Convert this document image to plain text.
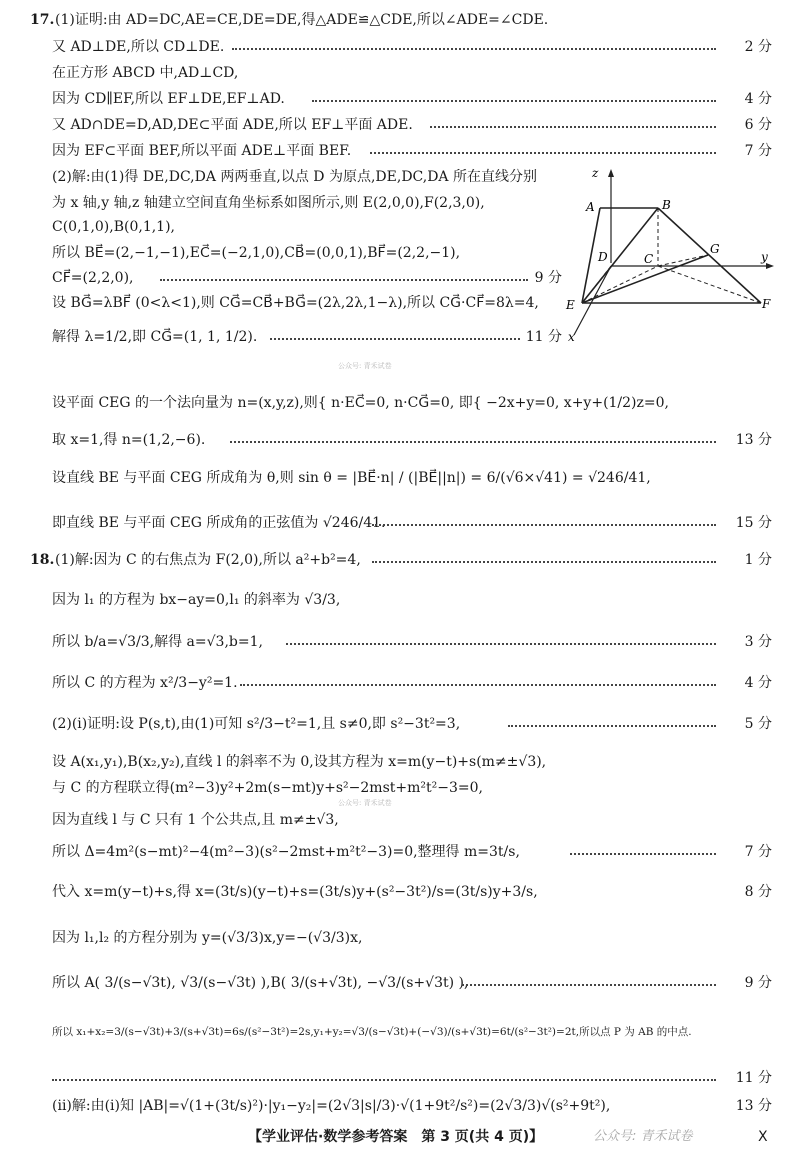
17. (1)证明:由 AD=DC,AE=CE,DE=DE,得△ADE≌△CDE,所以∠ADE=∠CDE.
又 AD⊥DE,所以 CD⊥DE.	2 分
在正方形 ABCD 中,AD⊥CD,
因为 CD∥EF,所以 EF⊥DE,EF⊥AD.	4 分
又 AD∩DE=D,AD,DE⊂平面 ADE,所以 EF⊥平面 ADE.	6 分
因为 EF⊂平面 BEF,所以平面 ADE⊥平面 BEF.	7 分
(2)解:由(1)得 DE,DC,DA 两两垂直,以点 D 为原点,DE,DC,DA 所在直线分别
为 x 轴,y 轴,z 轴建立空间直角坐标系如图所示,则 E(2,0,0),F(2,3,0),
C(0,1,0),B(0,1,1),
所以 BE⃗=(2,−1,−1),EC⃗=(−2,1,0),CB⃗=(0,0,1),BF⃗=(2,2,−1),
CF⃗=(2,2,0),	9 分
设 BG⃗=λBF⃗ (0<λ<1),则 CG⃗=CB⃗+BG⃗=(2λ,2λ,1−λ),所以 CG⃗·CF⃗=8λ=4,
解得 λ=1/2,即 CG⃗=(1, 1, 1/2).	11 分
公众号: 青禾试卷
设平面 CEG 的一个法向量为 n=(x,y,z),则{ n·EC⃗=0, n·CG⃗=0, 即{ −2x+y=0, x+y+(1/2)z=0,
取 x=1,得 n=(1,2,−6).	13 分
设直线 BE 与平面 CEG 所成角为 θ,则 sin θ = |BE⃗·n| / (|BE⃗||n|) = 6/(√6×√41) = √246/41,
即直线 BE 与平面 CEG 所成角的正弦值为 √246/41.	15 分
z
A	B
D	C
G
y
E	F
x
18. (1)解:因为 C 的右焦点为 F(2,0),所以 a²+b²=4,	1 分
因为 l₁ 的方程为 bx−ay=0,l₁ 的斜率为 √3/3,
所以 b/a=√3/3,解得 a=√3,b=1,	3 分
所以 C 的方程为 x²/3−y²=1.	4 分
(2)(ⅰ)证明:设 P(s,t),由(1)可知 s²/3−t²=1,且 s≠0,即 s²−3t²=3,	5 分
设 A(x₁,y₁),B(x₂,y₂),直线 l 的斜率不为 0,设其方程为 x=m(y−t)+s(m≠±√3),
与 C 的方程联立得(m²−3)y²+2m(s−mt)y+s²−2mst+m²t²−3=0,
公众号: 青禾试卷
因为直线 l 与 C 只有 1 个公共点,且 m≠±√3,
所以 Δ=4m²(s−mt)²−4(m²−3)(s²−2mst+m²t²−3)=0,整理得 m=3t/s,	7 分
代入 x=m(y−t)+s,得 x=(3t/s)(y−t)+s=(3t/s)y+(s²−3t²)/s=(3t/s)y+3/s,	8 分
因为 l₁,l₂ 的方程分别为 y=(√3/3)x,y=−(√3/3)x,
所以 A( 3/(s−√3t), √3/(s−√3t) ),B( 3/(s+√3t), −√3/(s+√3t) ),	9 分
所以 x₁+x₂=3/(s−√3t)+3/(s+√3t)=6s/(s²−3t²)=2s,y₁+y₂=√3/(s−√3t)+(−√3)/(s+√3t)=6t/(s²−3t²)=2t,所以点 P 为 AB 的中点.
11 分
(ⅱ)解:由(ⅰ)知 |AB|=√(1+(3t/s)²)·|y₁−y₂|=(2√3|s|/3)·√(1+9t²/s²)=(2√3/3)√(s²+9t²),	13 分
【学业评估·数学参考答案　第 3 页(共 4 页)】	公众号: 青禾试卷	X
